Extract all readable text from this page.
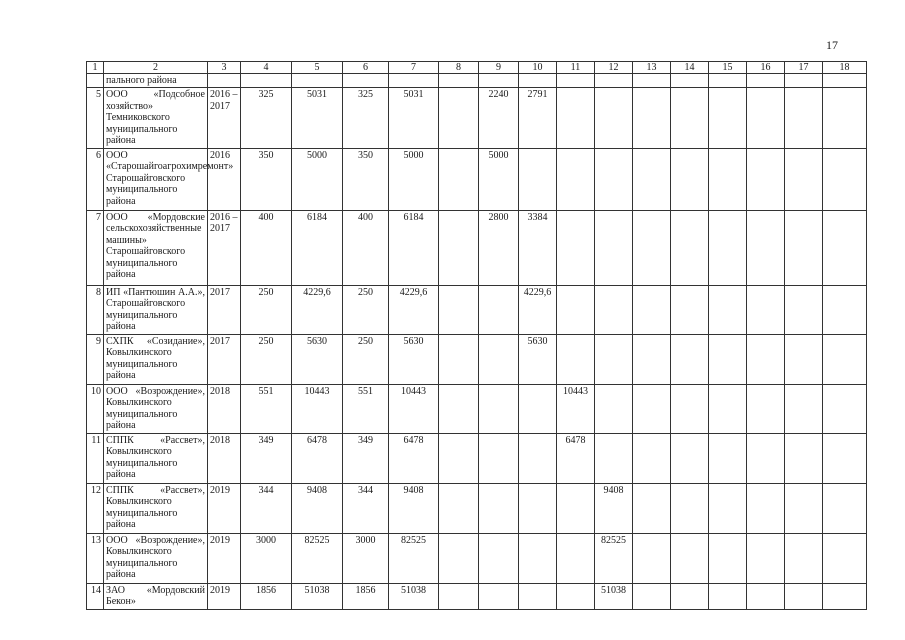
17
1	2	3	4	5	6	7	8	9	10	11	12	13	14	15	16	17	18
	пального района																
5	ООО «Подсобное хозяйство» Темниковского муниципального района	2016 – 2017	325	5031	325	5031		2240	2791								
6	ООО «Старошайгоагрохимремонт» Старошайговского муниципального района	2016	350	5000	350	5000		5000									
7	ООО «Мордовские сельскохозяйственные машины» Старошайговского муниципального района	2016 – 2017	400	6184	400	6184		2800	3384								
8	ИП «Пантюшин А.А.», Старошайговского муниципального района	2017	250	4229,6	250	4229,6			4229,6								
9	СХПК «Созидание», Ковылкинского муниципального района	2017	250	5630	250	5630			5630								
10	ООО «Возрождение», Ковылкинского муниципального района	2018	551	10443	551	10443				10443							
11	СППК «Рассвет», Ковылкинского муниципального района	2018	349	6478	349	6478				6478							
12	СППК «Рассвет», Ковылкинского муниципального района	2019	344	9408	344	9408					9408						
13	ООО «Возрождение», Ковылкинского муниципального района	2019	3000	82525	3000	82525					82525						
14	ЗАО «Мордовский Бекон»	2019	1856	51038	1856	51038					51038						
